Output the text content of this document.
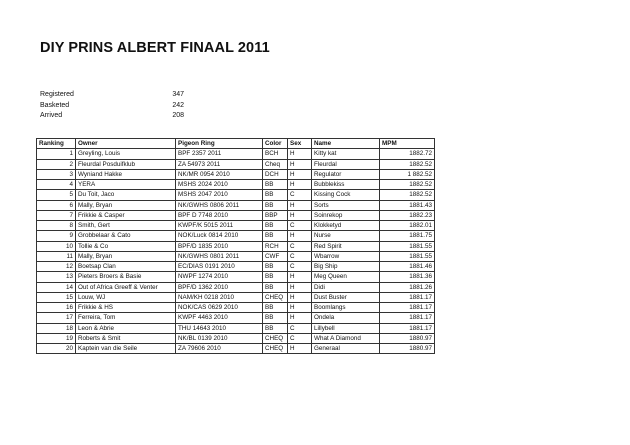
DIY PRINS ALBERT FINAAL 2011
Registered	347
Basketed	242
Arrived	208
Ranking	Owner	Pigeon Ring	Color	Sex	Name	MPM
1	Greyling, Louis	BPF 2357 2011	BCH	H	Kitty kat	1882.72
2	Fleurdal Posduifklub	ZA 54973 2011	Cheq	H	Fleurdal	1882.52
3	Wyniand Hakke	NK/MR 0954 2010	DCH	H	Regulator	1 882.52
4	YERA	MSHS 2024 2010	BB	H	Bubblekiss	1882.52
5	Du Toit, Jaco	MSHS 2047 2010	BB	C	Kissing Cock	1882.52
6	Mally, Bryan	NK/GWHS 0806 2011	BB	H	Sorts	1881.43
7	Frikkie & Casper	BPF D 7748 2010	BBP	H	Soinrekop	1882.23
8	Smith, Gert	KWPF/K 5015 2011	BB	C	Klokketyd	1882.01
9	Grobbelaar & Cato	NOK/Luck 0814 2010	BB	H	Nurse	1881.75
10	Tollie & Co	BPF/D 1835 2010	RCH	C	Red Spirit	1881.55
11	Mally, Bryan	NK/GWHS 0801 2011	CWF	C	Wbarrow	1881.55
12	Boetsap Clan	EC/DIAS 0191 2010	BB	C	Big Ship	1881.46
13	Pieters Broers & Basie	NWPF 1274 2010	BB	H	Meg Queen	1881.36
14	Out of Africa Greeff & Venter	BPF/D 1362 2010	BB	H	Didi	1881.26
15	Louw, WJ	NAM/KH 0218 2010	CHEQ	H	Dust Buster	1881.17
16	Frikkie & HS	NOK/CAS 0629 2010	BB	H	Boomlangs	1881.17
17	Ferreira, Tom	KWPF 4463 2010	BB	H	Ondela	1881.17
18	Leon & Abrie	THU 14643 2010	BB	C	Lillybell	1881.17
19	Roberts & Smit	NK/BL 0139 2010	CHEQ	C	What A Diamond	1880.97
20	Kaptein van die Seile	ZA 79606 2010	CHEQ	H	Generaal	1880.97
